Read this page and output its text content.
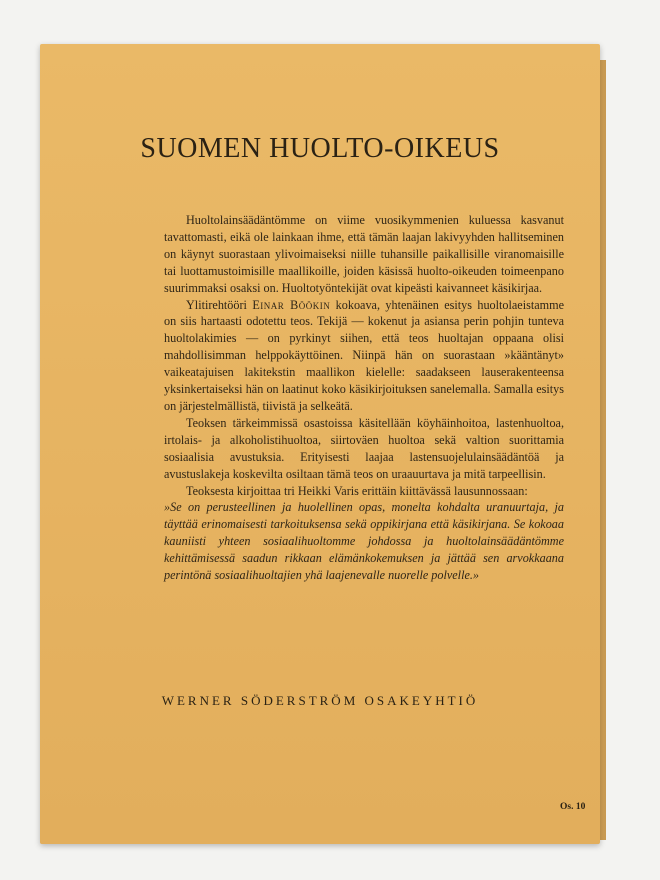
SUOMEN HUOLTO-OIKEUS

Huoltolainsäädäntömme on viime vuosikymmenien kuluessa kasvanut tavattomasti, eikä ole lainkaan ihme, että tämän laajan lakivyyhden hallitseminen on käynyt suorastaan ylivoimaiseksi niille tuhansille paikallisille viranomaisille tai luottamustoimisille maallikoille, joiden käsissä huolto-oikeuden toimeenpano suurimmaksi osaksi on. Huoltotyöntekijät ovat kipeästi kaivanneet käsikirjaa.

Ylitirehtööri Einar Böökin kokoava, yhtenäinen esitys huoltolaeistamme on siis hartaasti odotettu teos. Tekijä — kokenut ja asiansa perin pohjin tunteva huoltolakimies — on pyrkinyt siihen, että teos huoltajan oppaana olisi mahdollisimman helppokäyttöinen. Niinpä hän on suorastaan »kääntänyt» vaikeatajuisen lakitekstin maallikon kielelle: saadakseen lauserakenteensa yksinkertaiseksi hän on laatinut koko käsikirjoituksen sanelemalla. Samalla esitys on järjestelmällistä, tiivistä ja selkeätä.

Teoksen tärkeimmissä osastoissa käsitellään köyhäinhoitoa, lastenhuoltoa, irtolais- ja alkoholistihuoltoa, siirtoväen huoltoa sekä valtion suorittamia sosiaalisia avustuksia. Erityisesti laajaa lastensuojelulainsäädäntöä ja avustuslakeja koskevilta osiltaan tämä teos on uraauurtava ja mitä tarpeellisin.

Teoksesta kirjoittaa tri Heikki Varis erittäin kiittävässä lausunnossaan:

»Se on perusteellinen ja huolellinen opas, monelta kohdalta uranuurtaja, ja täyttää erinomaisesti tarkoituksensa sekä oppikirjana että käsikirjana. Se kokoaa kauniisti yhteen sosiaalihuoltomme johdossa ja huoltolainsäädäntömme kehittämisessä saadun rikkaan elämänkokemuksen ja jättää sen arvokkaana perintönä sosiaalihuoltajien yhä laajenevalle nuorelle polvelle.»

WERNER SÖDERSTRÖM OSAKEYHTIÖ
Os. 10
